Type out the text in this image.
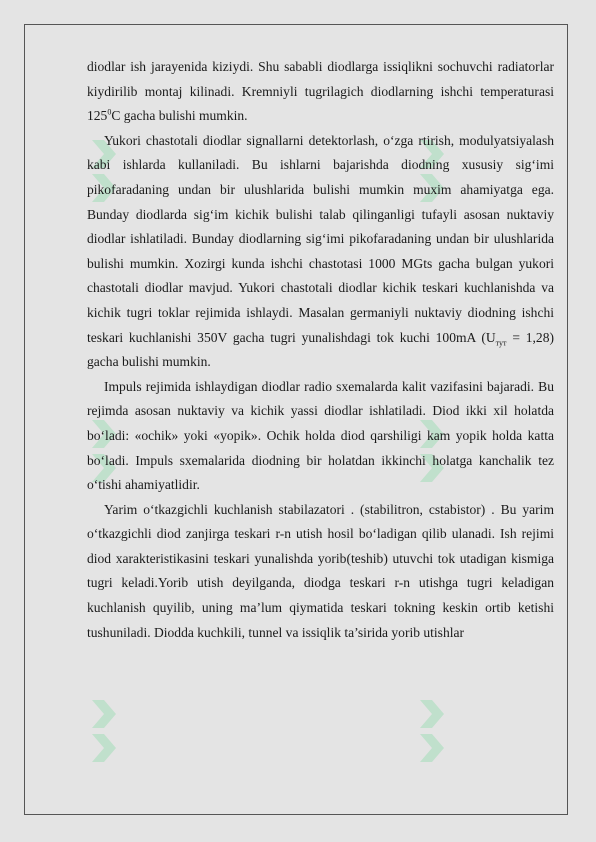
diodlar ish jarayenida kiziydi. Shu sababli diodlarga issiqlikni sochuvchi radiatorlar kiydirilib montaj kilinadi. Kremniyli tugrilagich diodlarning ishchi temperaturasi $125^0C$ gacha bulishi mumkin.

Yukori chastotali diodlar signallarni detektorlash, o‘zga rtirish, modulyatsiyalash kabi ishlarda kullaniladi. Bu ishlarni bajarishda diodning xususiy sig‘imi pikofaradaning undan bir ulushlarida bulishi mumkin muxim ahamiyatga ega. Bunday diodlarda sig‘im kichik bulishi talab qilinganligi tufayli asosan nuktaviy diodlar ishlatiladi. Bunday diodlarning sig‘imi pikofaradaning undan bir ulushlarida bulishi mumkin. Xozirgi kunda ishchi chastotasi 1000 MGts gacha bulgan yukori chastotali diodlar mavjud. Yukori chastotali diodlar kichik teskari kuchlanishda va kichik tugri toklar rejimida ishlaydi. Masalan germaniyli nuktaviy diodning ishchi teskari kuchlanishi 350V gacha tugri yunalishdagi tok kuchi 100mA $(U_{тут} = 1,28)$ gacha bulishi mumkin.

Impuls rejimida ishlaydigan diodlar radio sxemalarda kalit vazifasini bajaradi. Bu rejimda asosan nuktaviy va kichik yassi diodlar ishlatiladi. Diod ikki xil holatda bo‘ladi: «ochik» yoki «yopik». Ochik holda diod qarshiligi kam yopik holda katta bo‘ladi. Impuls sxemalarida diodning bir holatdan ikkinchi holatga kanchalik tez o‘tishi ahamiyatlidir.

Yarim o‘tkazgichli kuchlanish stabilazatori . (stabilitron, cstabistor) . Bu yarim o‘tkazgichli diod zanjirga teskari r-n utish hosil bo‘ladigan qilib ulanadi. Ish rejimi diod xarakteristikasini teskari yunalishda yorib(teshib) utuvchi tok utadigan kismiga tugri keladi.Yorib utish deyilganda, diodga teskari r-n utishga tugri keladigan kuchlanish quyilib, uning ma’lum qiymatida teskari tokning keskin ortib ketishi tushuniladi. Diodda kuchkili, tunnel va issiqlik ta’sirida yorib utishlar
